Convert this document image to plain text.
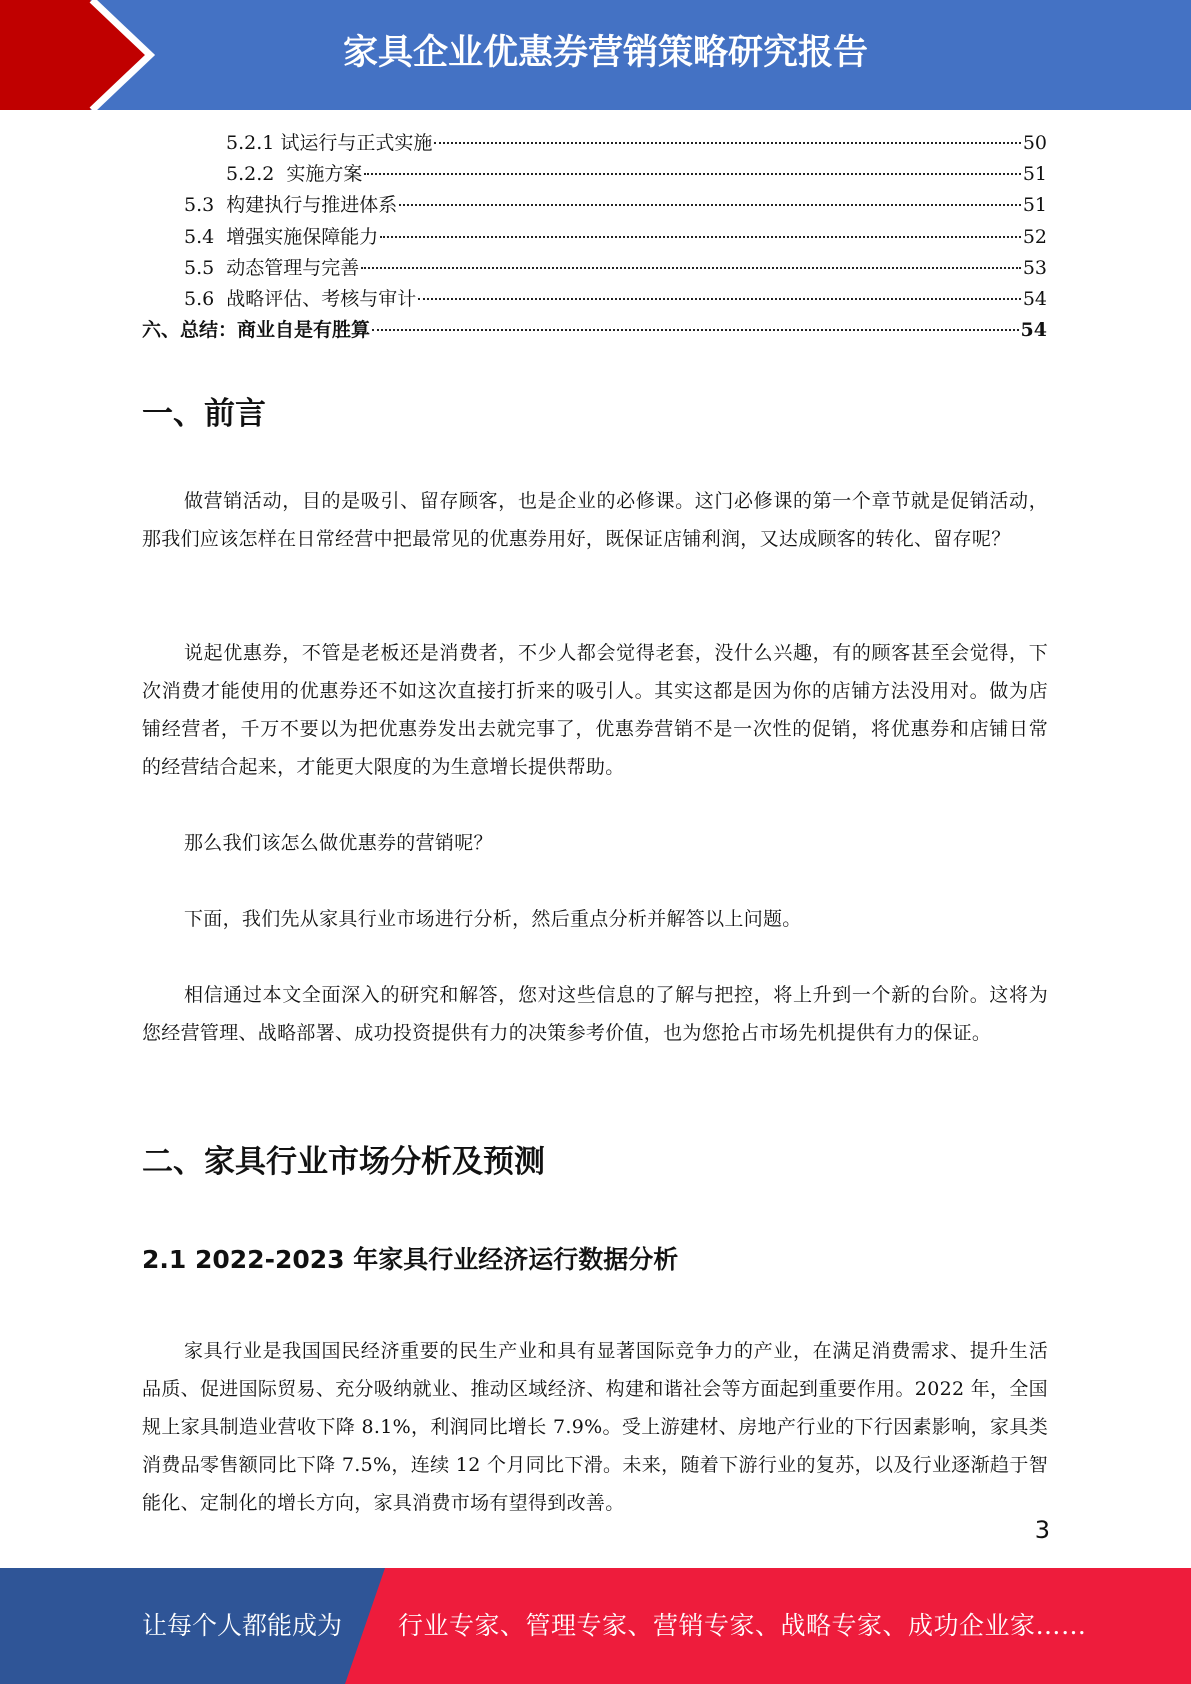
家具企业优惠券营销策略研究报告
5.2.1 试运行与正式实施	50
5.2.2  实施方案	51
5.3  构建执行与推进体系	51
5.4  增强实施保障能力	52
5.5  动态管理与完善	53
5.6  战略评估、考核与审计	54
六、总结：商业自是有胜算	54
一、前言

做营销活动，目的是吸引、留存顾客，也是企业的必修课。这门必修课的第一个章节就是促销活动，那我们应该怎样在日常经营中把最常见的优惠券用好，既保证店铺利润，又达成顾客的转化、留存呢？

说起优惠券，不管是老板还是消费者，不少人都会觉得老套，没什么兴趣，有的顾客甚至会觉得，下次消费才能使用的优惠券还不如这次直接打折来的吸引人。其实这都是因为你的店铺方法没用对。做为店铺经营者，千万不要以为把优惠券发出去就完事了，优惠券营销不是一次性的促销，将优惠券和店铺日常的经营结合起来，才能更大限度的为生意增长提供帮助。

那么我们该怎么做优惠券的营销呢？

下面，我们先从家具行业市场进行分析，然后重点分析并解答以上问题。

相信通过本文全面深入的研究和解答，您对这些信息的了解与把控，将上升到一个新的台阶。这将为您经营管理、战略部署、成功投资提供有力的决策参考价值，也为您抢占市场先机提供有力的保证。

二、家具行业市场分析及预测
2.1 2022-2023 年家具行业经济运行数据分析

家具行业是我国国民经济重要的民生产业和具有显著国际竞争力的产业，在满足消费需求、提升生活品质、促进国际贸易、充分吸纳就业、推动区域经济、构建和谐社会等方面起到重要作用。2022 年，全国规上家具制造业营收下降 8.1%，利润同比增长 7.9%。受上游建材、房地产行业的下行因素影响，家具类消费品零售额同比下降 7.5%，连续 12 个月同比下滑。未来，随着下游行业的复苏，以及行业逐渐趋于智能化、定制化的增长方向，家具消费市场有望得到改善。

3
让每个人都能成为 行业专家、管理专家、营销专家、战略专家、成功企业家……
